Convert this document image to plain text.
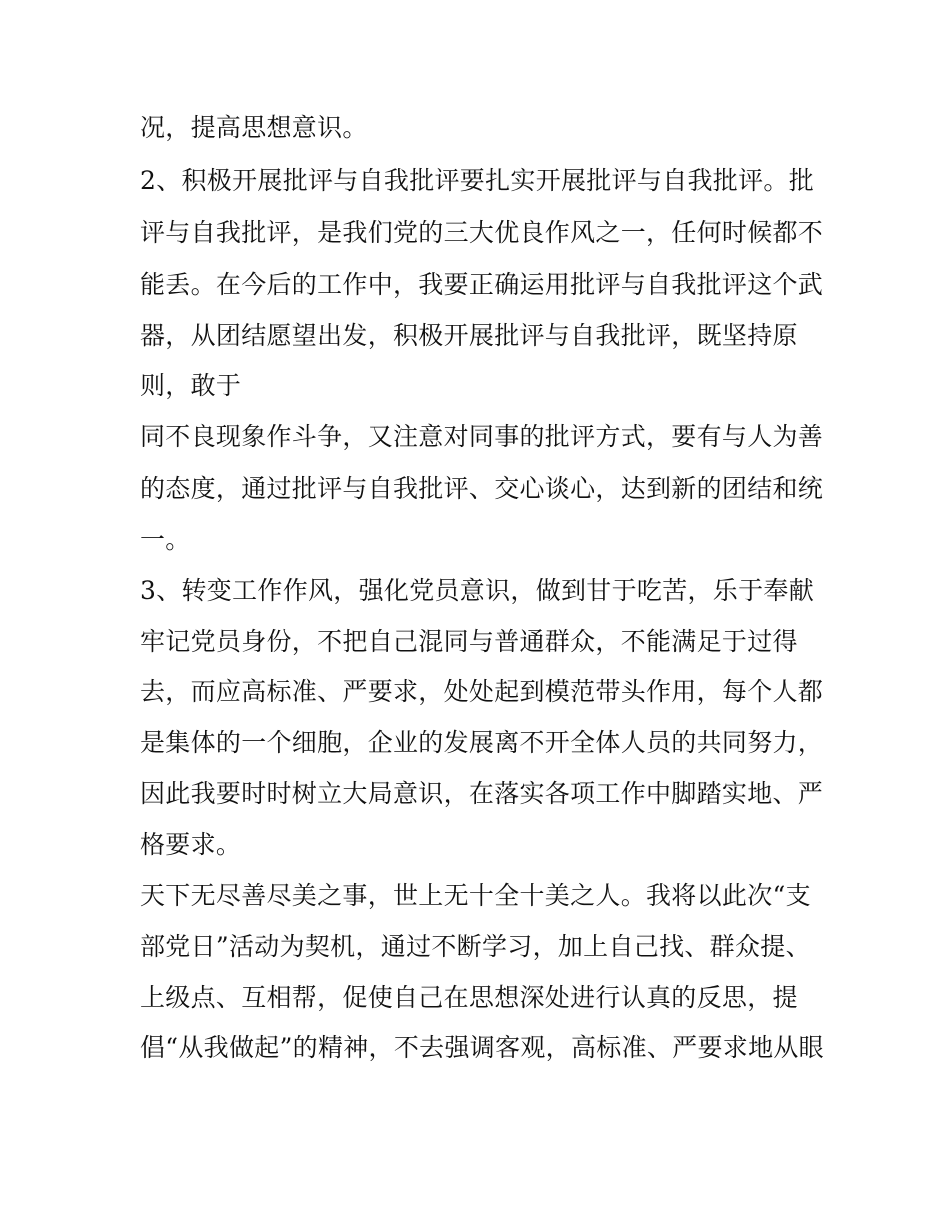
况，提高思想意识。

2、积极开展批评与自我批评要扎实开展批评与自我批评。批

评与自我批评，是我们党的三大优良作风之一，任何时候都不

能丢。在今后的工作中，我要正确运用批评与自我批评这个武

器，从团结愿望出发，积极开展批评与自我批评，既坚持原

则，敢于

同不良现象作斗争，又注意对同事的批评方式，要有与人为善

的态度，通过批评与自我批评、交心谈心，达到新的团结和统

一。

3、转变工作作风，强化党员意识，做到甘于吃苦，乐于奉献

牢记党员身份，不把自己混同与普通群众，不能满足于过得

去，而应高标准、严要求，处处起到模范带头作用，每个人都

是集体的一个细胞，企业的发展离不开全体人员的共同努力，

因此我要时时树立大局意识，在落实各项工作中脚踏实地、严

格要求。

天下无尽善尽美之事，世上无十全十美之人。我将以此次“支

部党日”活动为契机，通过不断学习，加上自己找、群众提、

上级点、互相帮，促使自己在思想深处进行认真的反思，提

倡“从我做起”的精神，不去强调客观，高标准、严要求地从眼
